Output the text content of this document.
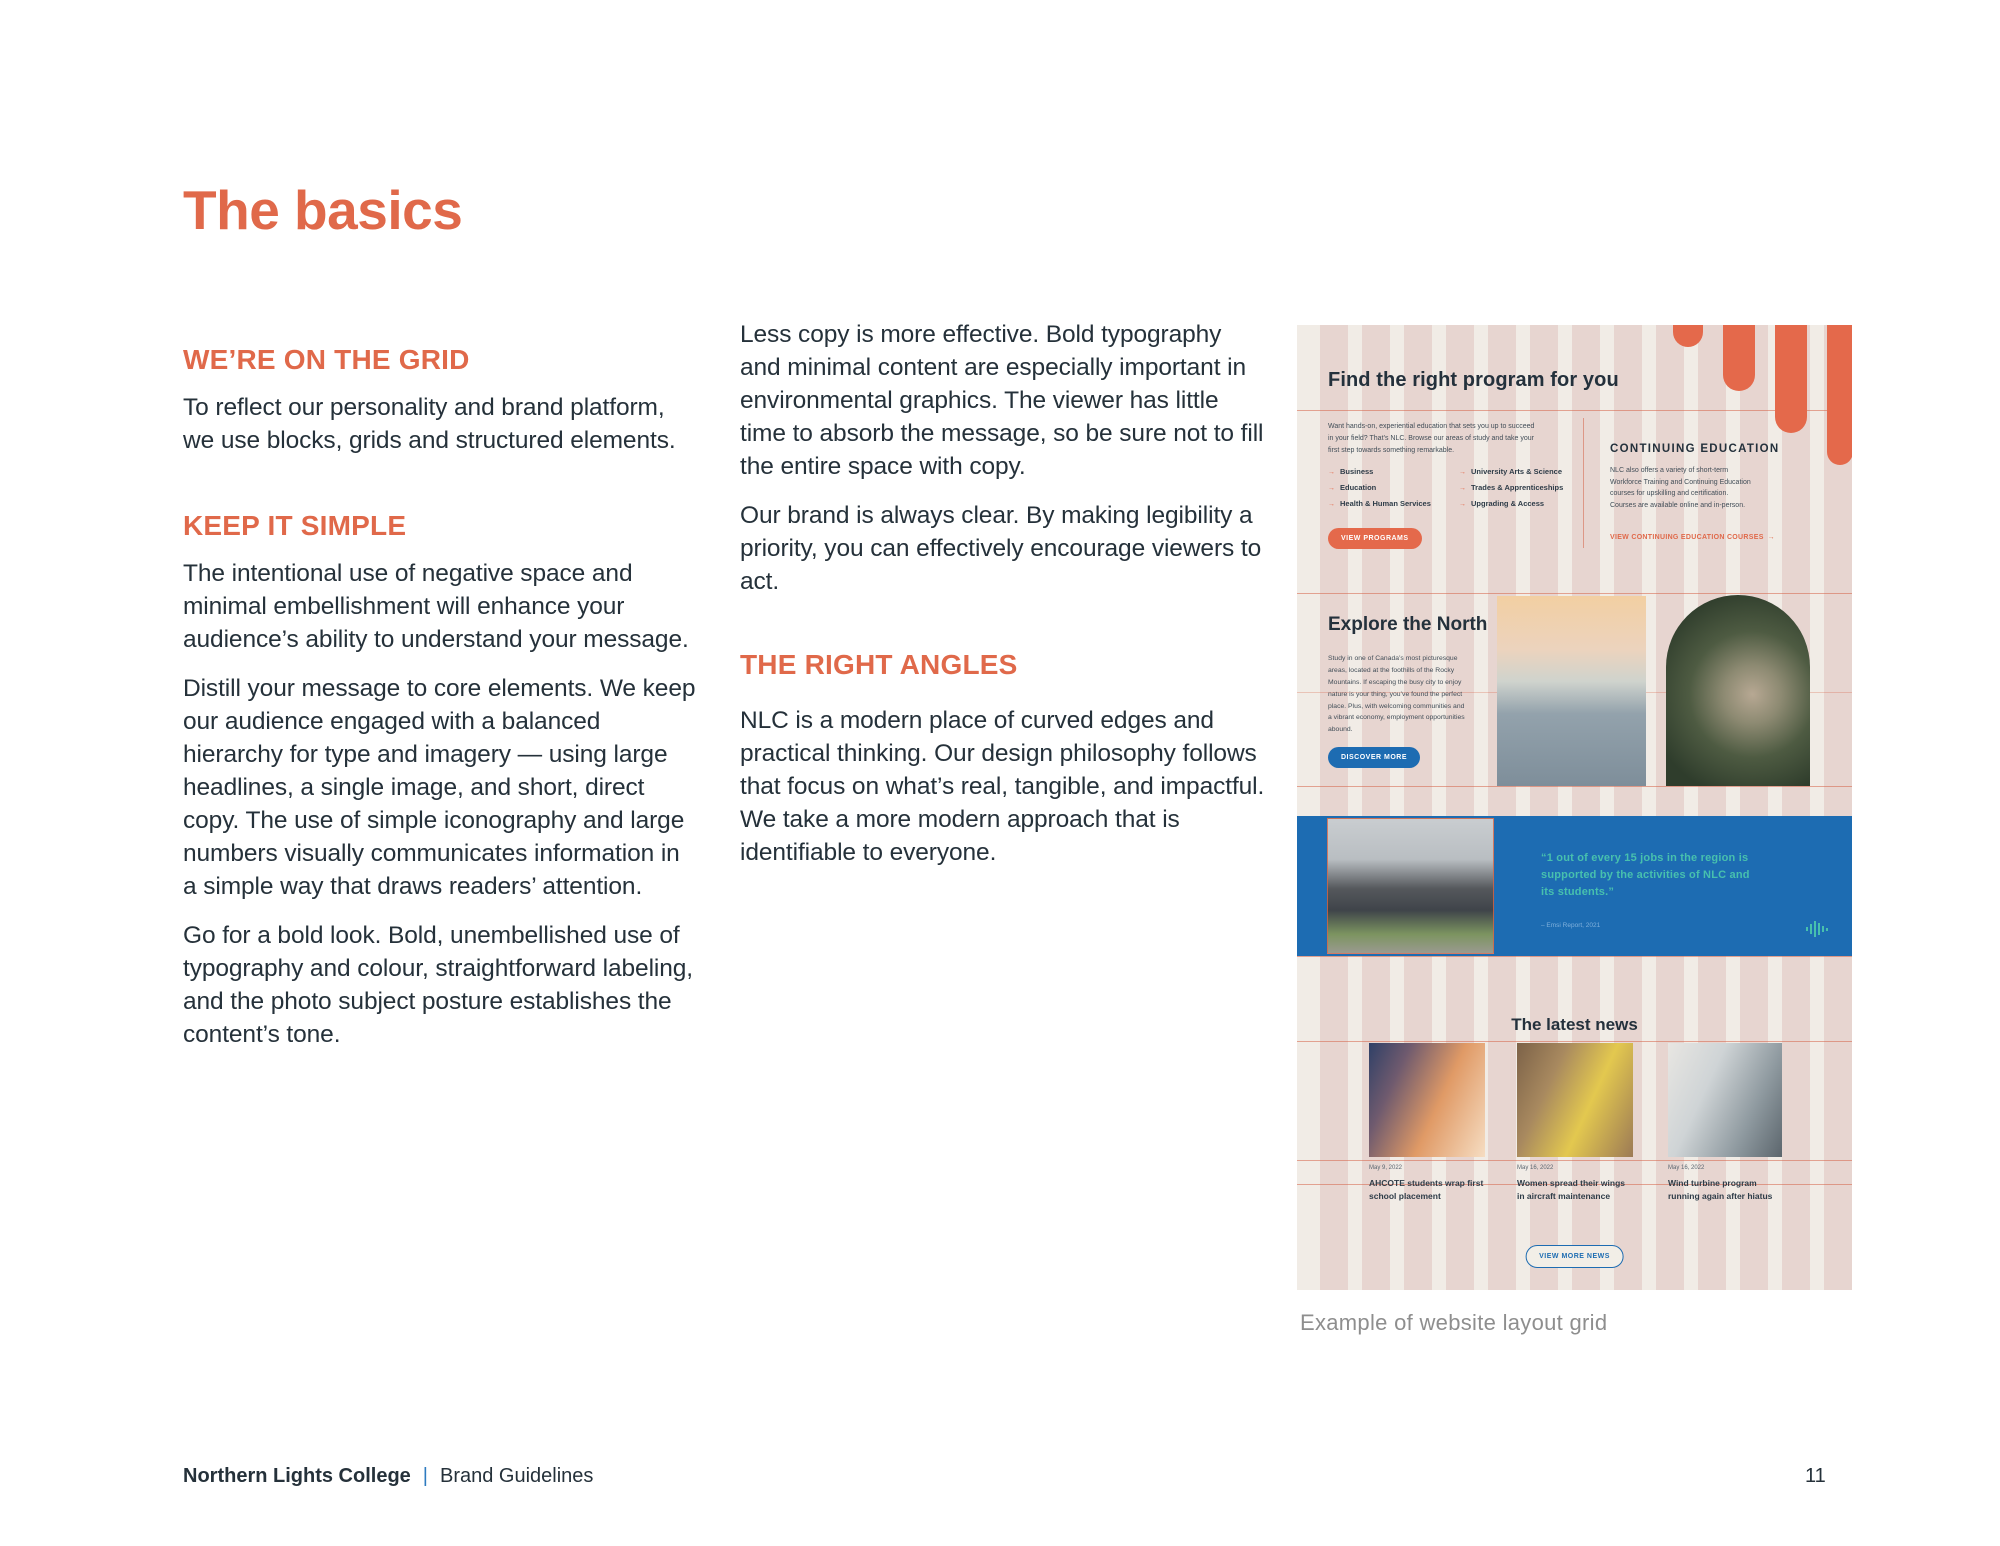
The basics
WE’RE ON THE GRID

To reflect our personality and brand platform, we use blocks, grids and structured elements.

KEEP IT SIMPLE

The intentional use of negative space and minimal embellishment will enhance your audience’s ability to understand your message.

Distill your message to core elements. We keep our audience engaged with a balanced hierarchy for type and imagery — using large headlines, a single image, and short, direct copy. The use of simple iconography and large numbers visually communicates information in a simple way that draws readers’ attention.

Go for a bold look. Bold, unembellished use of typography and colour, straightforward labeling, and the photo subject posture establishes the content’s tone.

Less copy is more effective. Bold typography and minimal content are especially important in environmental graphics. The viewer has little time to absorb the message, so be sure not to fill the entire space with copy.

Our brand is always clear. By making legibility a priority, you can effectively encourage viewers to act.

THE RIGHT ANGLES

NLC is a modern place of curved edges and practical thinking. Our design philosophy follows that focus on what’s real, tangible, and impactful. We take a more modern approach that is identifiable to everyone.

Find the right program for you

Want hands-on, experiential education that sets you up to succeed in your field? That’s NLC. Browse our areas of study and take your first step towards something remarkable.

→ Business
→ Education
→ Health & Human Services
→ University Arts & Science
→ Trades & Apprenticeships
→ Upgrading & Access
VIEW PROGRAMS
CONTINUING EDUCATION

NLC also offers a variety of short-term Workforce Training and Continuing Education courses for upskilling and certification. Courses are available online and in-person.

VIEW CONTINUING EDUCATION COURSES →
Explore the North

Study in one of Canada’s most picturesque areas, located at the foothills of the Rocky Mountains. If escaping the busy city to enjoy nature is your thing, you’ve found the perfect place. Plus, with welcoming communities and a vibrant economy, employment opportunities abound.

DISCOVER MORE
“1 out of every 15 jobs in the region is supported by the activities of NLC and its students.”
– Emsi Report, 2021
The latest news
May 9, 2022
AHCOTE students wrap first school placement
May 16, 2022
Women spread their wings in aircraft maintenance
May 16, 2022
Wind turbine program running again after hiatus
VIEW MORE NEWS
Example of website layout grid
Northern Lights College | Brand Guidelines	11
